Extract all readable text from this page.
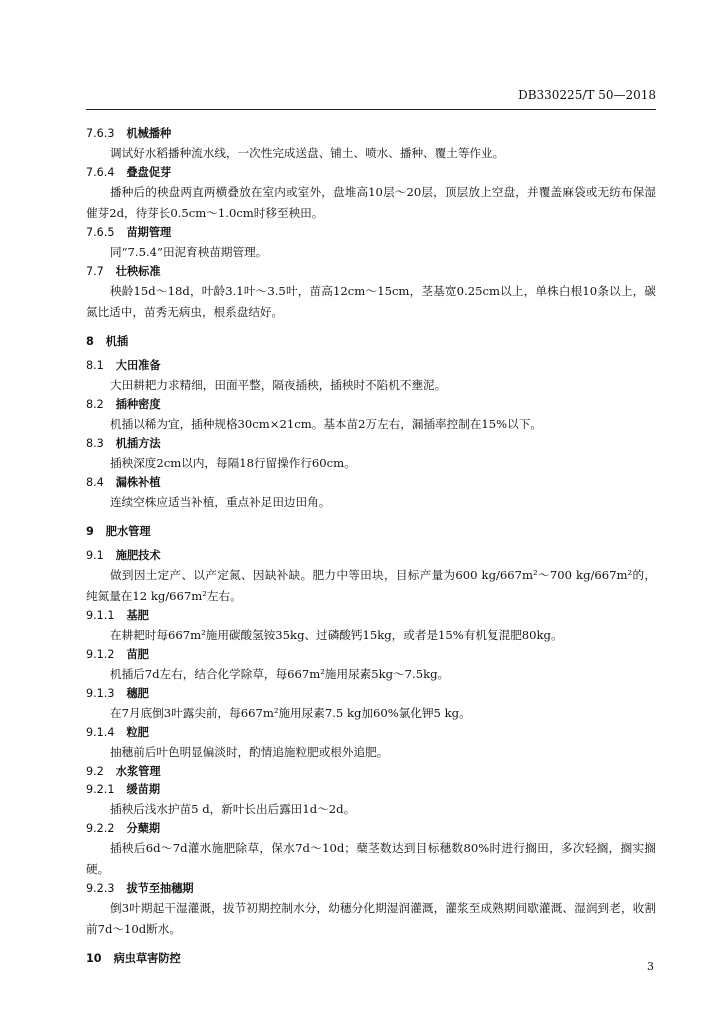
DB330225/T 50—2018
7.6.3 机械播种

调试好水稻播种流水线，一次性完成送盘、铺土、喷水、播种、覆土等作业。

7.6.4 叠盘促芽

播种后的秧盘两直两横叠放在室内或室外，盘堆高10层～20层，顶层放上空盘，并覆盖麻袋或无纺布保湿催芽2d，待芽长0.5cm～1.0cm时移至秧田。

7.6.5 苗期管理

同“7.5.4”田泥育秧苗期管理。

7.7 壮秧标准

秧龄15d～18d，叶龄3.1叶～3.5叶，苗高12cm～15cm，茎基宽0.25cm以上，单株白根10条以上，碳氮比适中，苗秀无病虫，根系盘结好。

8 机插
8.1 大田准备

大田耕耙力求精细，田面平整，隔夜插秧，插秧时不陷机不壅泥。

8.2 插种密度

机插以稀为宜，插种规格30cm×21cm。基本苗2万左右，漏插率控制在15%以下。

8.3 机插方法

插秧深度2cm以内，每隔18行留操作行60cm。

8.4 漏株补植

连续空株应适当补植，重点补足田边田角。

9 肥水管理
9.1 施肥技术

做到因土定产、以产定氮、因缺补缺。肥力中等田块，目标产量为600 kg/667m²～700 kg/667m²的，纯氮量在12 kg/667m²左右。

9.1.1 基肥

在耕耙时每667m²施用碳酸氢铵35kg、过磷酸钙15kg，或者是15%有机复混肥80kg。

9.1.2 苗肥

机插后7d左右，结合化学除草，每667m²施用尿素5kg～7.5kg。

9.1.3 穗肥

在7月底倒3叶露尖前，每667m²施用尿素7.5 kg加60%氯化钾5 kg。

9.1.4 粒肥

抽穗前后叶色明显偏淡时，酌情追施粒肥或根外追肥。

9.2 水浆管理
9.2.1 缓苗期

插秧后浅水护苗5 d，新叶长出后露田1d～2d。

9.2.2 分蘖期

插秧后6d～7d灌水施肥除草，保水7d～10d；蘖茎数达到目标穗数80%时进行搁田，多次轻搁，搁实搁硬。

9.2.3 拔节至抽穗期

倒3叶期起干湿灌溉，拔节初期控制水分，幼穗分化期湿润灌溉，灌浆至成熟期间歇灌溉、湿润到老，收割前7d～10d断水。

10 病虫草害防控
3
